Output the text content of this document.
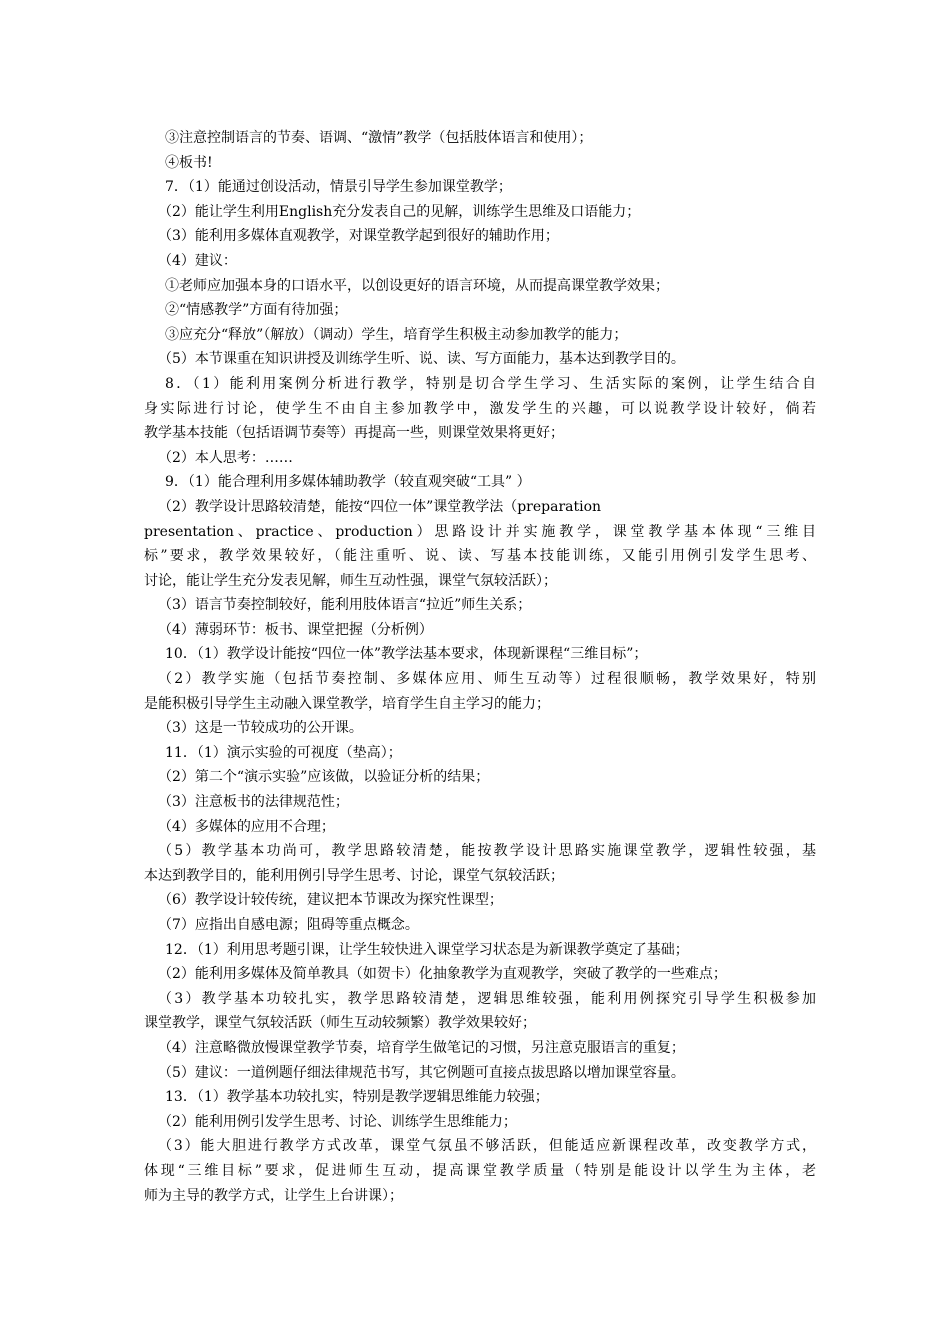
③注意控制语言的节奏、语调、“激情”教学（包括肢体语言和使用）；
④板书!
7．（1）能通过创设活动，情景引导学生参加课堂教学；
（2）能让学生利用English充分发表自己的见解，训练学生思维及口语能力；
（3）能利用多媒体直观教学，对课堂教学起到很好的辅助作用；
（4）建议：
①老师应加强本身的口语水平，以创设更好的语言环境，从而提高课堂教学效果；
②“情感教学”方面有待加强；
③应充分“释放”（解放）（调动）学生，培育学生积极主动参加教学的能力；
（5）本节课重在知识讲授及训练学生听、说、读、写方面能力，基本达到教学目的。
8．（1）能利用案例分析进行教学，特别是切合学生学习、生活实际的案例，让学生结合自
身实际进行讨论，使学生不由自主参加教学中，激发学生的兴趣，可以说教学设计较好，倘若
教学基本技能（包括语调节奏等）再提高一些，则课堂效果将更好；
（2）本人思考：……
9．（1）能合理利用多媒体辅助教学（较直观突破“工具” ）
（2）教学设计思路较清楚，能按“四位一体”课堂教学法（preparation
presentation、practice、production）思路设计并实施教学，课堂教学基本体现“三维目
标”要求，教学效果较好，（能注重听、说、读、写基本技能训练，又能引用例引发学生思考、
讨论，能让学生充分发表见解，师生互动性强，课堂气氛较活跃）；
（3）语言节奏控制较好，能利用肢体语言“拉近”师生关系；
（4）薄弱环节：板书、课堂把握（分析例）
10．（1）教学设计能按“四位一体”教学法基本要求，体现新课程“三维目标”；
（2）教学实施（包括节奏控制、多媒体应用、师生互动等）过程很顺畅，教学效果好，特别
是能积极引导学生主动融入课堂教学，培育学生自主学习的能力；
（3）这是一节较成功的公开课。
11．（1）演示实验的可视度（垫高）；
（2）第二个“演示实验”应该做，以验证分析的结果；
（3）注意板书的法律规范性；
（4）多媒体的应用不合理；
（5）教学基本功尚可，教学思路较清楚，能按教学设计思路实施课堂教学，逻辑性较强，基
本达到教学目的，能利用例引导学生思考、讨论，课堂气氛较活跃；
（6）教学设计较传统，建议把本节课改为探究性课型；
（7）应指出自感电源；阻碍等重点概念。
12．（1）利用思考题引课，让学生较快进入课堂学习状态是为新课教学奠定了基础；
（2）能利用多媒体及简单教具（如贺卡）化抽象教学为直观教学，突破了教学的一些难点；
（3）教学基本功较扎实，教学思路较清楚，逻辑思维较强，能利用例探究引导学生积极参加
课堂教学，课堂气氛较活跃（师生互动较频繁）教学效果较好；
（4）注意略微放慢课堂教学节奏，培育学生做笔记的习惯，另注意克服语言的重复；
（5）建议：一道例题仔细法律规范书写，其它例题可直接点拔思路以增加课堂容量。
13．（1）教学基本功较扎实，特别是教学逻辑思维能力较强；
（2）能利用例引发学生思考、讨论、训练学生思维能力；
（3）能大胆进行教学方式改革，课堂气氛虽不够活跃，但能适应新课程改革，改变教学方式，
体现“三维目标”要求，促进师生互动，提高课堂教学质量（特别是能设计以学生为主体，老
师为主导的教学方式，让学生上台讲课）；
